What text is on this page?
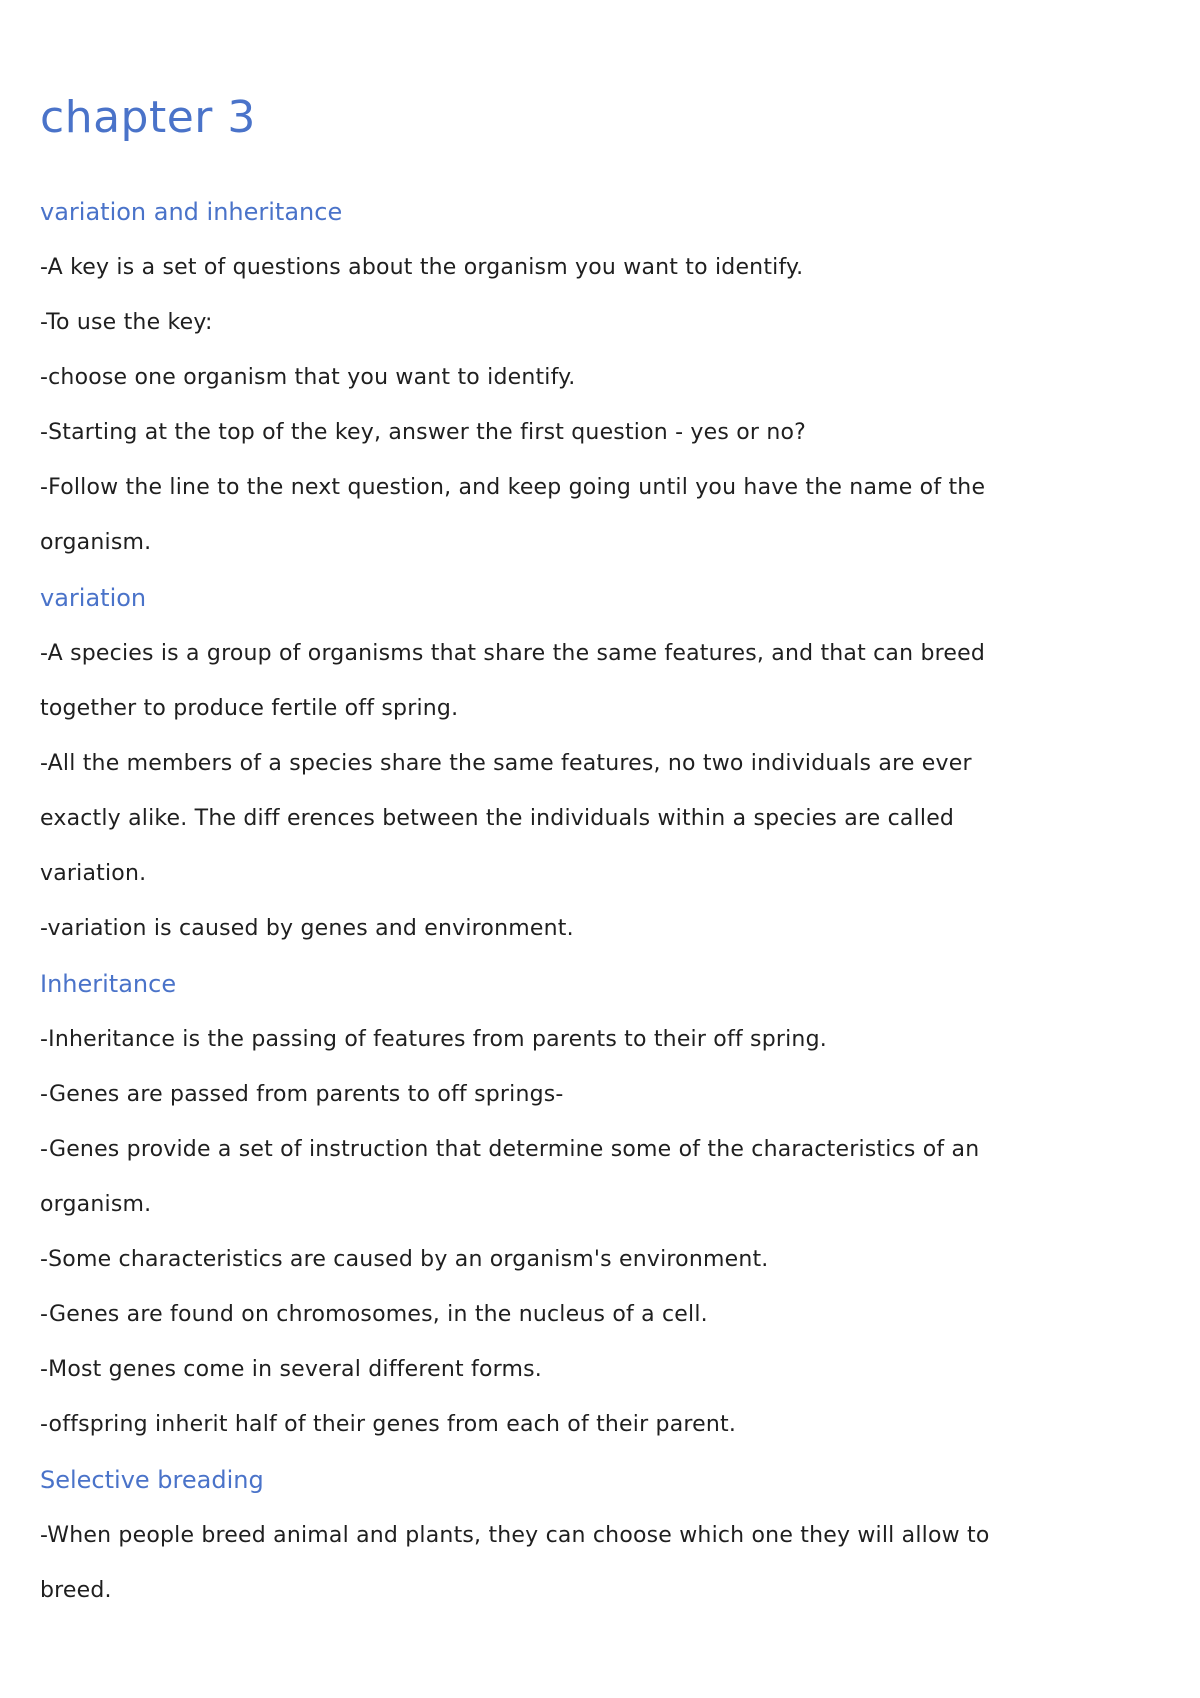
chapter 3
variation and inheritance

-A key is a set of questions about the organism you want to identify.

-To use the key:

-choose one organism that you want to identify.

-Starting at the top of the key, answer the first question - yes or no?

-Follow the line to the next question, and keep going until you have the name of the

organism.

variation

-A species is a group of organisms that share the same features, and that can breed

together to produce fertile off spring.

-All the members of a species share the same features, no two individuals are ever

exactly alike. The diff erences between the individuals within a species are called

variation.

-variation is caused by genes and environment.

Inheritance

-Inheritance is the passing of features from parents to their off spring.

-Genes are passed from parents to off springs-

-Genes provide a set of instruction that determine some of the characteristics of an

organism.

-Some characteristics are caused by an organism's environment.

-Genes are found on chromosomes, in the nucleus of a cell.

-Most genes come in several different forms.

-offspring inherit half of their genes from each of their parent.

Selective breading

-When people breed animal and plants, they can choose which one they will allow to

breed.
